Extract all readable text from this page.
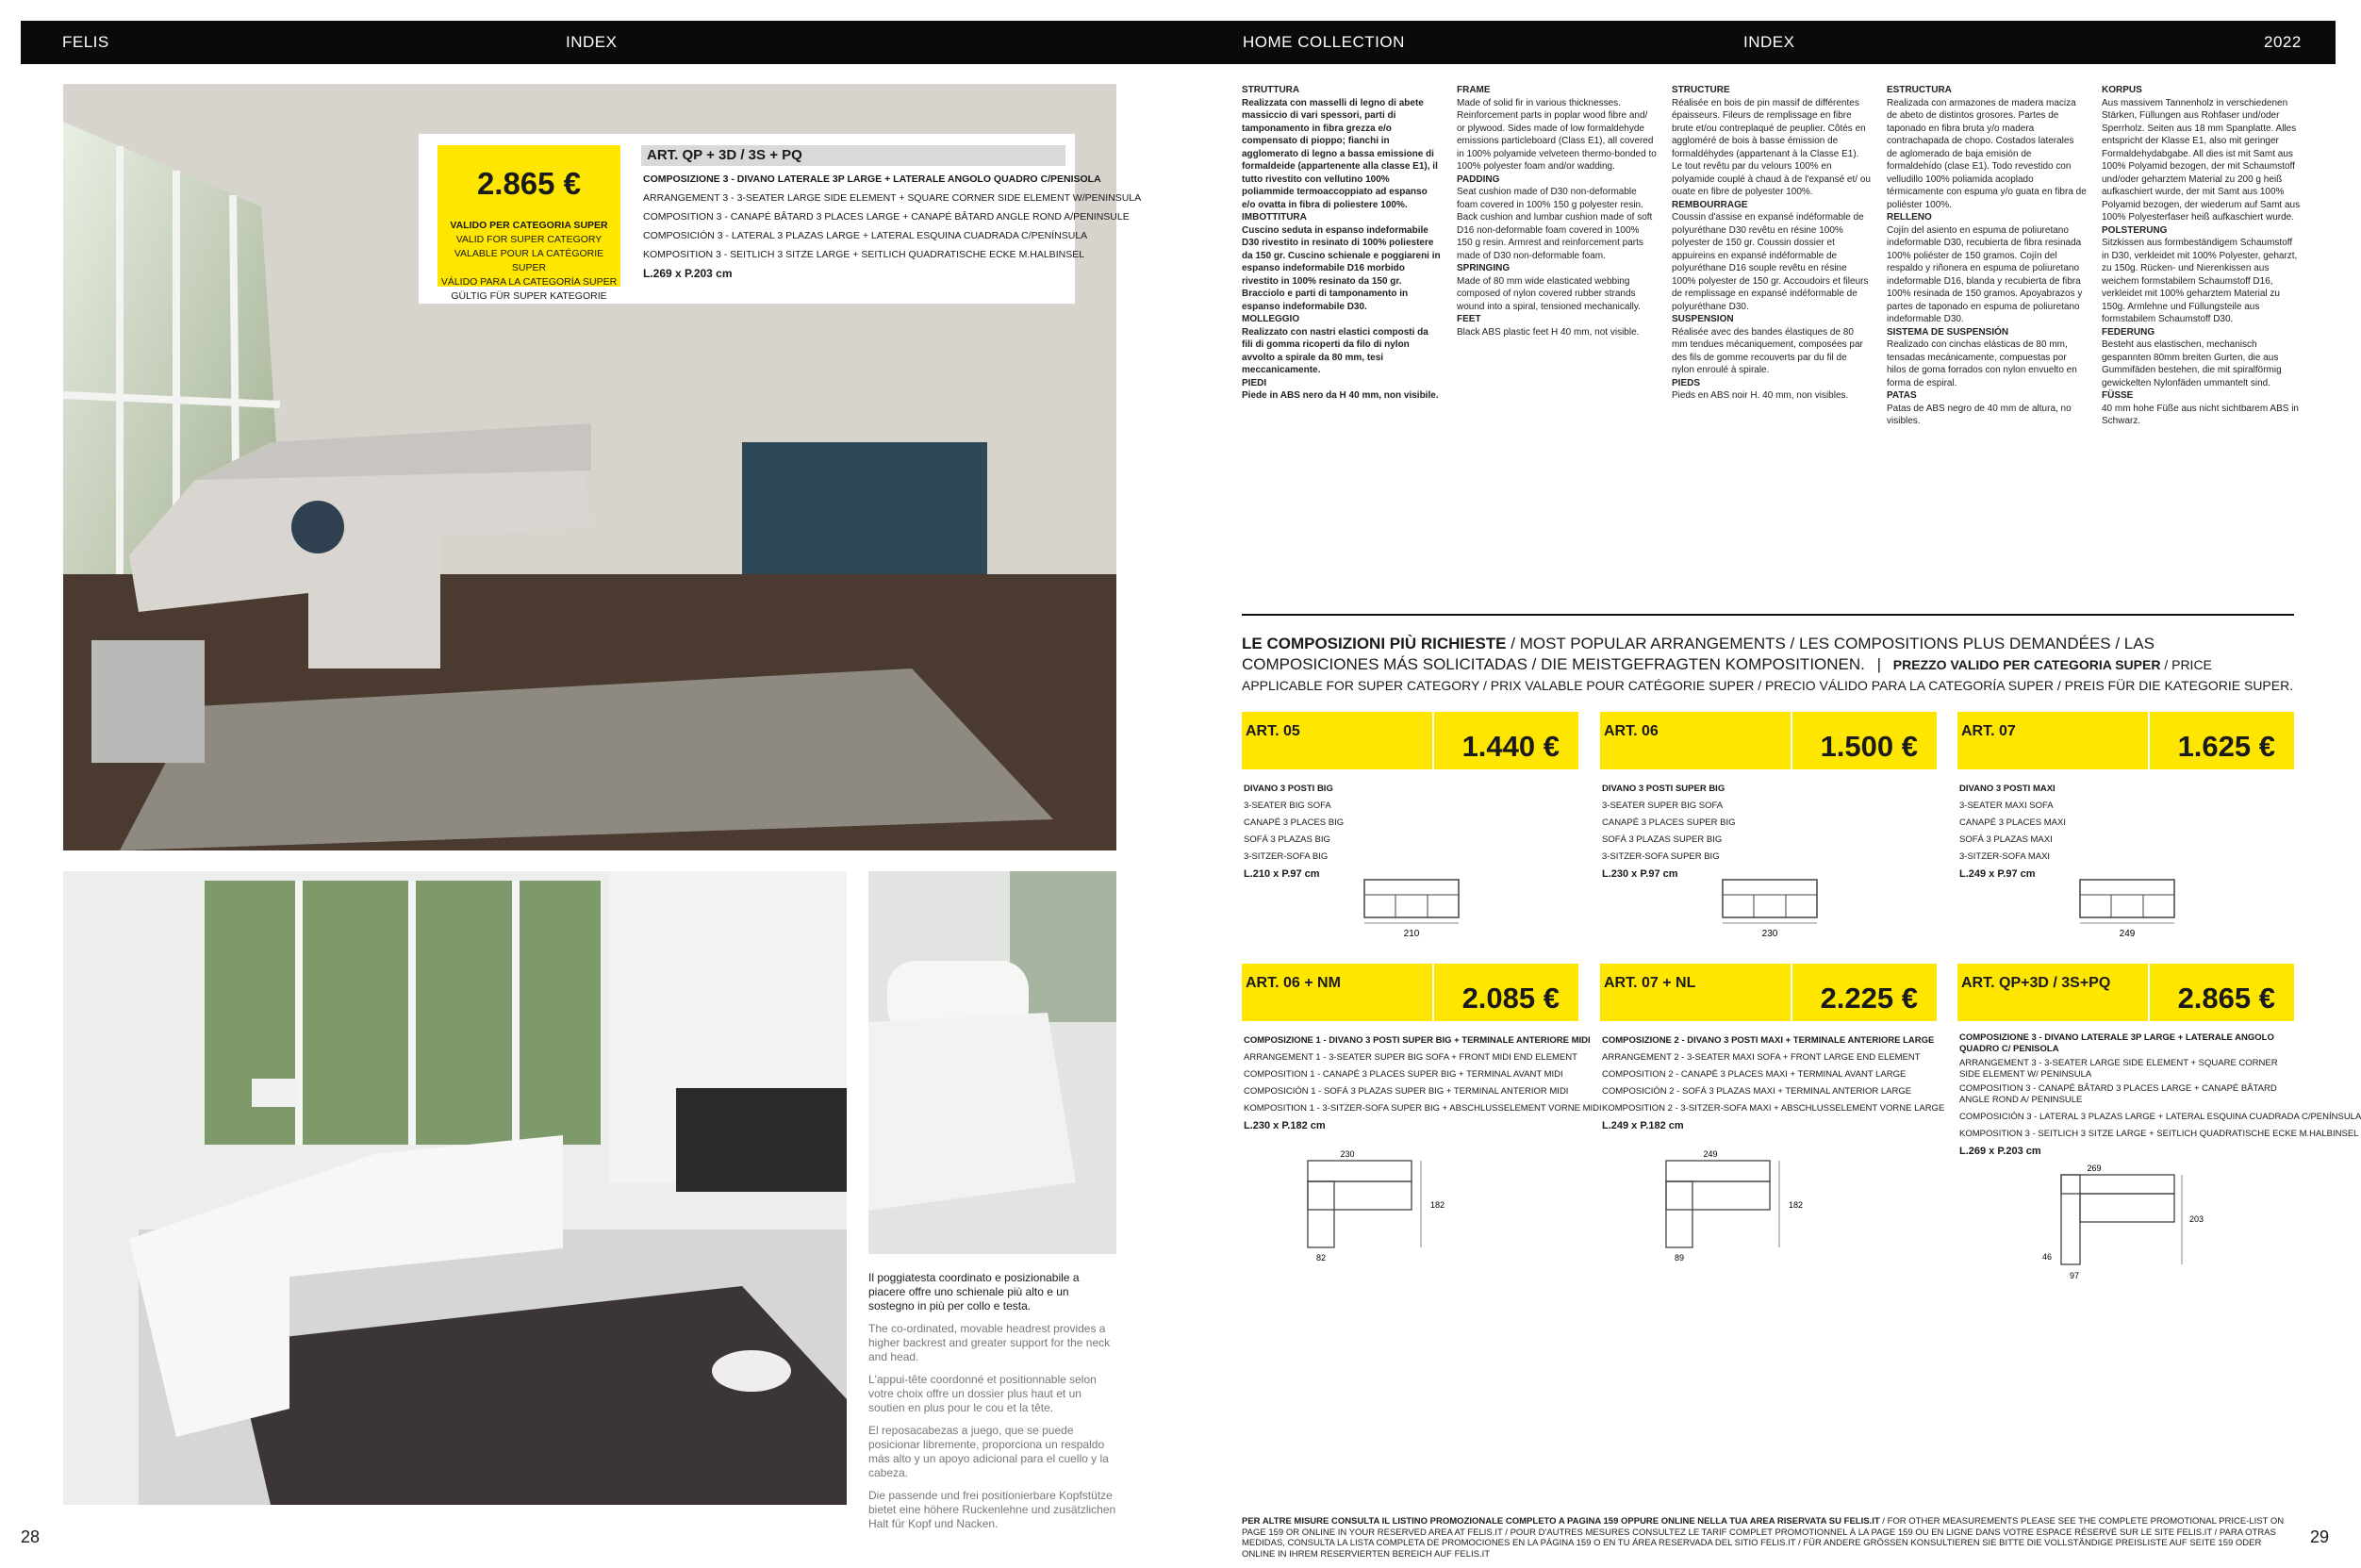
FELIS	INDEX	HOME COLLECTION	INDEX	2022
2.865 €
VALIDO PER CATEGORIA SUPER
VALID FOR SUPER CATEGORY
VALABLE POUR LA CATÉGORIE SUPER
VÁLIDO PARA LA CATEGORÍA SUPER
GÜLTIG FÜR SUPER KATEGORIE
ART. QP + 3D / 3S + PQ
COMPOSIZIONE 3 - DIVANO LATERALE 3P LARGE + LATERALE ANGOLO QUADRO C/PENISOLA
ARRANGEMENT 3 - 3-SEATER LARGE SIDE ELEMENT + SQUARE CORNER SIDE ELEMENT W/PENINSULA
COMPOSITION 3 - CANAPÉ BÂTARD 3 PLACES LARGE + CANAPÉ BÂTARD ANGLE ROND A/PENINSULE
COMPOSICIÓN 3 - LATERAL 3 PLAZAS LARGE + LATERAL ESQUINA CUADRADA C/PENÍNSULA
KOMPOSITION 3 - SEITLICH 3 SITZE LARGE + SEITLICH QUADRATISCHE ECKE M.HALBINSEL
L.269 x P.203 cm

Il poggiatesta coordinato e posizionabile a piacere offre uno schienale più alto e un sostegno in più per collo e testa.

The co-ordinated, movable headrest provides a higher backrest and greater support for the neck and head.

L'appui-tête coordonné et positionnable selon votre choix offre un dossier plus haut et un soutien en plus pour le cou et la tête.

El reposacabezas a juego, que se puede posicionar libremente, proporciona un respaldo más alto y un apoyo adicional para el cuello y la cabeza.

Die passende und frei positionierbare Kopfstütze bietet eine höhere Ruckenlehne und zusätzlichen Halt für Kopf und Nacken.

28	29
STRUTTURA
Realizzata con masselli di legno di abete massiccio di vari spessori, parti di tamponamento in fibra grezza e/o compensato di pioppo; fianchi in agglomerato di legno a bassa emissione di formaldeide (appartenente alla classe E1), il tutto rivestito con vellutino 100% poliammide termoaccoppiato ad espanso e/o ovatta in fibra di poliestere 100%.
IMBOTTITURA
Cuscino seduta in espanso indeformabile D30 rivestito in resinato di 100% poliestere da 150 gr. Cuscino schienale e poggiareni in espanso indeformabile D16 morbido rivestito in 100% resinato da 150 gr. Bracciolo e parti di tamponamento in espanso indeformabile D30.
MOLLEGGIO
Realizzato con nastri elastici composti da fili di gomma ricoperti da filo di nylon avvolto a spirale da 80 mm, tesi meccanicamente.
PIEDI
Piede in ABS nero da H 40 mm, non visibile.
FRAME
Made of solid fir in various thicknesses. Reinforcement parts in poplar wood fibre and/ or plywood. Sides made of low formaldehyde emissions particleboard (Class E1), all covered in 100% polyamide velveteen thermo-bonded to 100% polyester foam and/or wadding.
PADDING
Seat cushion made of D30 non-deformable foam covered in 100% 150 g polyester resin. Back cushion and lumbar cushion made of soft D16 non-deformable foam covered in 100% 150 g resin. Armrest and reinforcement parts made of D30 non-deformable foam.
SPRINGING
Made of 80 mm wide elasticated webbing composed of nylon covered rubber strands wound into a spiral, tensioned mechanically.
FEET
Black ABS plastic feet H 40 mm, not visible.
STRUCTURE
Réalisée en bois de pin massif de différentes épaisseurs. Fileurs de remplissage en fibre brute et/ou contreplaqué de peuplier. Côtés en aggloméré de bois à basse émission de formaldéhydes (appartenant à la Classe E1). Le tout revêtu par du velours 100% en polyamide couplé à chaud à de l'expansé et/ ou ouate en fibre de polyester 100%.
REMBOURRAGE
Coussin d'assise en expansé indéformable de polyuréthane D30 revêtu en résine 100% polyester de 150 gr. Coussin dossier et appuireins en expansé indéformable de polyuréthane D16 souple revêtu en résine 100% polyester de 150 gr. Accoudoirs et fileurs de remplissage en expansé indéformable de polyuréthane D30.
SUSPENSION
Réalisée avec des bandes élastiques de 80 mm tendues mécaniquement, composées par des fils de gomme recouverts par du fil de nylon enroulé à spirale.
PIEDS
Pieds en ABS noir H. 40 mm, non visibles.
ESTRUCTURA
Realizada con armazones de madera maciza de abeto de distintos grosores. Partes de taponado en fibra bruta y/o madera contrachapada de chopo. Costados laterales de aglomerado de baja emisión de formaldehído (clase E1). Todo revestido con velludillo 100% poliamida acoplado térmicamente con espuma y/o guata en fibra de poliéster 100%.
RELLENO
Cojín del asiento en espuma de poliuretano indeformable D30, recubierta de fibra resinada 100% poliéster de 150 gramos. Cojín del respaldo y riñonera en espuma de poliuretano indeformable D16, blanda y recubierta de fibra 100% resinada de 150 gramos. Apoyabrazos y partes de taponado en espuma de poliuretano indeformable D30.
SISTEMA DE SUSPENSIÓN
Realizado con cinchas elásticas de 80 mm, tensadas mecánicamente, compuestas por hilos de goma forrados con nylon envuelto en forma de espiral.
PATAS
Patas de ABS negro de 40 mm de altura, no visibles.
KORPUS
Aus massivem Tannenholz in verschiedenen Stärken, Füllungen aus Rohfaser und/oder Sperrholz. Seiten aus 18 mm Spanplatte. Alles entspricht der Klasse E1, also mit geringer Formaldehydabgabe. All dies ist mit Samt aus 100% Polyamid bezogen, der mit Schaumstoff und/oder geharztem Material zu 200 g heiß aufkaschiert wurde, der mit Samt aus 100% Polyamid bezogen, der wiederum auf Samt aus 100% Polyesterfaser heiß aufkaschiert wurde.
POLSTERUNG
Sitzkissen aus formbeständigem Schaumstoff in D30, verkleidet mit 100% Polyester, geharzt, zu 150g. Rücken- und Nierenkissen aus weichem formstabilem Schaumstoff D16, verkleidet mit 100% geharztem Material zu 150g. Armlehne und Füllungsteile aus formstabilem Schaumstoff D30.
FEDERUNG
Besteht aus elastischen, mechanisch gespannten 80mm breiten Gurten, die aus Gummifäden bestehen, die mit spiralförmig gewickelten Nylonfäden ummantelt sind.
FÜSSE
40 mm hohe Füße aus nicht sichtbarem ABS in Schwarz.
LE COMPOSIZIONI PIÙ RICHIESTE / MOST POPULAR ARRANGEMENTS / LES COMPOSITIONS PLUS DEMANDÉES / LAS COMPOSICIONES MÁS SOLICITADAS / DIE MEISTGEFRAGTEN KOMPOSITIONEN. | PREZZO VALIDO PER CATEGORIA SUPER / PRICE APPLICABLE FOR SUPER CATEGORY / PRIX VALABLE POUR CATÉGORIE SUPER / PRECIO VÁLIDO PARA LA CATEGORÍA SUPER / PREIS FÜR DIE KATEGORIE SUPER.
ART. 05	1.440 €
DIVANO 3 POSTI BIG
3-SEATER BIG SOFA
CANAPÉ 3 PLACES BIG
SOFÁ 3 PLAZAS BIG
3-SITZER-SOFA BIG
L.210 x P.97 cm
210
ART. 06	1.500 €
DIVANO 3 POSTI SUPER BIG
3-SEATER SUPER BIG SOFA
CANAPÉ 3 PLACES SUPER BIG
SOFÁ 3 PLAZAS SUPER BIG
3-SITZER-SOFA SUPER BIG
L.230 x P.97 cm
230
ART. 07	1.625 €
DIVANO 3 POSTI MAXI
3-SEATER MAXI SOFA
CANAPÉ 3 PLACES MAXI
SOFÁ 3 PLAZAS MAXI
3-SITZER-SOFA MAXI
L.249 x P.97 cm
249
ART. 06 + NM	2.085 €
COMPOSIZIONE 1 - DIVANO 3 POSTI SUPER BIG + TERMINALE ANTERIORE MIDI
ARRANGEMENT 1 - 3-SEATER SUPER BIG SOFA + FRONT MIDI END ELEMENT
COMPOSITION 1 - CANAPÉ 3 PLACES SUPER BIG + TERMINAL AVANT MIDI
COMPOSICIÓN 1 - SOFÁ 3 PLAZAS SUPER BIG + TERMINAL ANTERIOR MIDI
KOMPOSITION 1 - 3-SITZER-SOFA SUPER BIG + ABSCHLUSSELEMENT VORNE MIDI
L.230 x P.182 cm
230
182
82
ART. 07 + NL	2.225 €
COMPOSIZIONE 2 - DIVANO 3 POSTI MAXI + TERMINALE ANTERIORE LARGE
ARRANGEMENT 2 - 3-SEATER MAXI SOFA + FRONT LARGE END ELEMENT
COMPOSITION 2 - CANAPÉ 3 PLACES MAXI + TERMINAL AVANT LARGE
COMPOSICIÓN 2 - SOFÁ 3 PLAZAS MAXI + TERMINAL ANTERIOR LARGE
KOMPOSITION 2 - 3-SITZER-SOFA MAXI + ABSCHLUSSELEMENT VORNE LARGE
L.249 x P.182 cm
249
182
89
ART. QP+3D / 3S+PQ 2.865 €
COMPOSIZIONE 3 - DIVANO LATERALE 3P LARGE + LATERALE ANGOLO QUADRO C/ PENISOLA
ARRANGEMENT 3 - 3-SEATER LARGE SIDE ELEMENT + SQUARE CORNER SIDE ELEMENT W/ PENINSULA
COMPOSITION 3 - CANAPÉ BÂTARD 3 PLACES LARGE + CANAPÉ BÂTARD ANGLE ROND A/ PENINSULE
COMPOSICIÓN 3 - LATERAL 3 PLAZAS LARGE + LATERAL ESQUINA CUADRADA C/PENÍNSULA
KOMPOSITION 3 - SEITLICH 3 SITZE LARGE + SEITLICH QUADRATISCHE ECKE M.HALBINSEL
L.269 x P.203 cm
269
203
46
97
PER ALTRE MISURE CONSULTA IL LISTINO PROMOZIONALE COMPLETO A PAGINA 159 OPPURE ONLINE NELLA TUA AREA RISERVATA SU FELIS.IT / FOR OTHER MEASUREMENTS PLEASE SEE THE COMPLETE PROMOTIONAL PRICE-LIST ON PAGE 159 OR ONLINE IN YOUR RESERVED AREA AT FELIS.IT / POUR D'AUTRES MESURES CONSULTEZ LE TARIF COMPLET PROMOTIONNEL À LA PAGE 159 OU EN LIGNE DANS VOTRE ESPACE RÉSERVÉ SUR LE SITE FELIS.IT / PARA OTRAS MEDIDAS, CONSULTA LA LISTA COMPLETA DE PROMOCIONES EN LA PÁGINA 159 O EN TU ÁREA RESERVADA DEL SITIO FELIS.IT / FÜR ANDERE GRÖSSEN KONSULTIEREN SIE BITTE DIE VOLLSTÄNDIGE PREISLISTE AUF SEITE 159 ODER ONLINE IN IHREM RESERVIERTEN BEREICH AUF FELIS.IT
